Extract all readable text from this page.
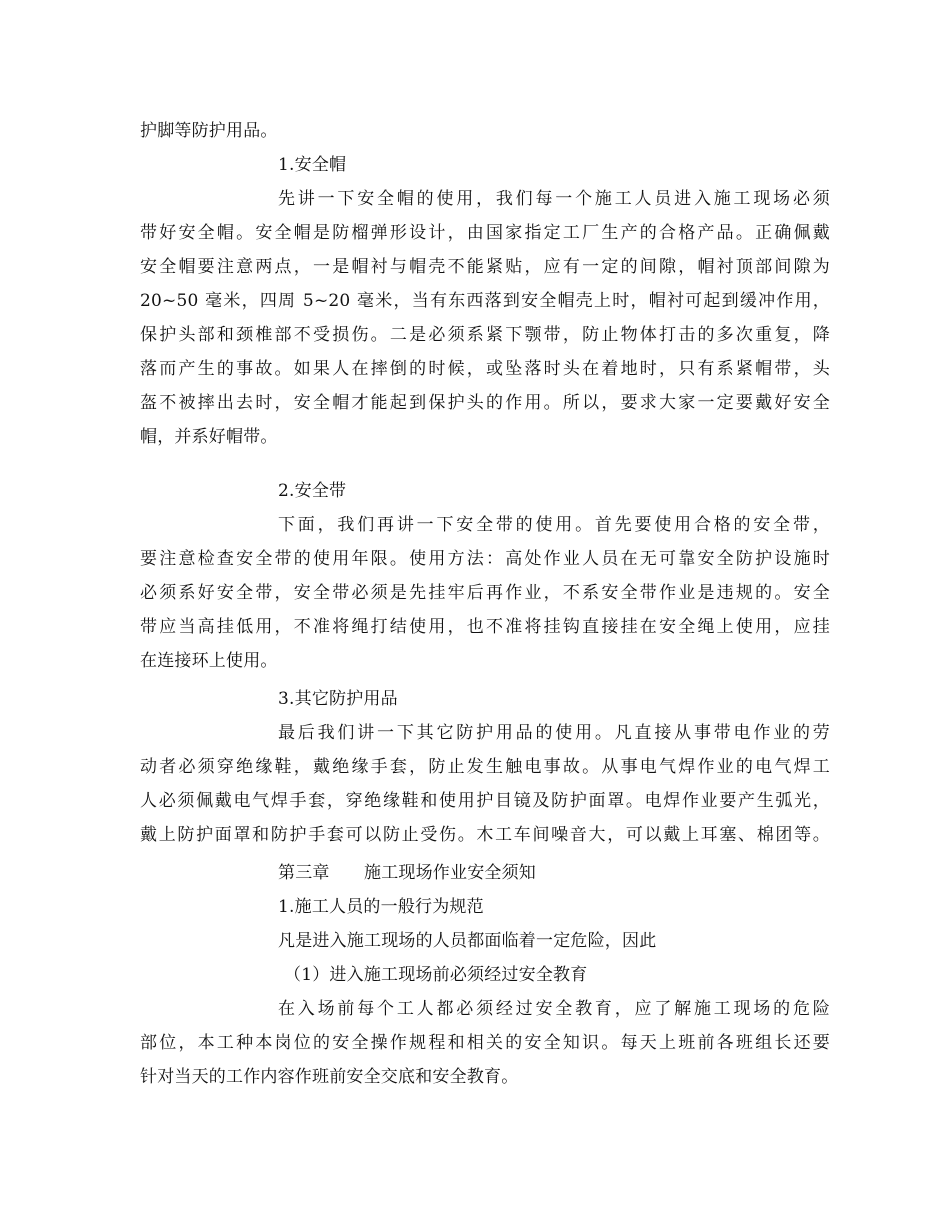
护脚等防护用品。
1.安全帽
先讲一下安全帽的使用，我们每一个施工人员进入施工现场必须
带好安全帽。安全帽是防榴弹形设计，由国家指定工厂生产的合格产品。正确佩戴
安全帽要注意两点，一是帽衬与帽壳不能紧贴，应有一定的间隙，帽衬顶部间隙为
20~50 毫米，四周 5~20 毫米，当有东西落到安全帽壳上时，帽衬可起到缓冲作用，
保护头部和颈椎部不受损伤。二是必须系紧下颚带，防止物体打击的多次重复，降
落而产生的事故。如果人在摔倒的时候，或坠落时头在着地时，只有系紧帽带，头
盔不被摔出去时，安全帽才能起到保护头的作用。所以，要求大家一定要戴好安全
帽，并系好帽带。
2.安全带
下面，我们再讲一下安全带的使用。首先要使用合格的安全带，
要注意检查安全带的使用年限。使用方法：高处作业人员在无可靠安全防护设施时
必须系好安全带，安全带必须是先挂牢后再作业，不系安全带作业是违规的。安全
带应当高挂低用，不准将绳打结使用，也不准将挂钩直接挂在安全绳上使用，应挂
在连接环上使用。
3.其它防护用品
最后我们讲一下其它防护用品的使用。凡直接从事带电作业的劳
动者必须穿绝缘鞋，戴绝缘手套，防止发生触电事故。从事电气焊作业的电气焊工
人必须佩戴电气焊手套，穿绝缘鞋和使用护目镜及防护面罩。电焊作业要产生弧光，
戴上防护面罩和防护手套可以防止受伤。木工车间噪音大，可以戴上耳塞、棉团等。
第三章　　施工现场作业安全须知
1.施工人员的一般行为规范
凡是进入施工现场的人员都面临着一定危险，因此
（1）进入施工现场前必须经过安全教育
在入场前每个工人都必须经过安全教育，应了解施工现场的危险
部位，本工种本岗位的安全操作规程和相关的安全知识。每天上班前各班组长还要
针对当天的工作内容作班前安全交底和安全教育。
